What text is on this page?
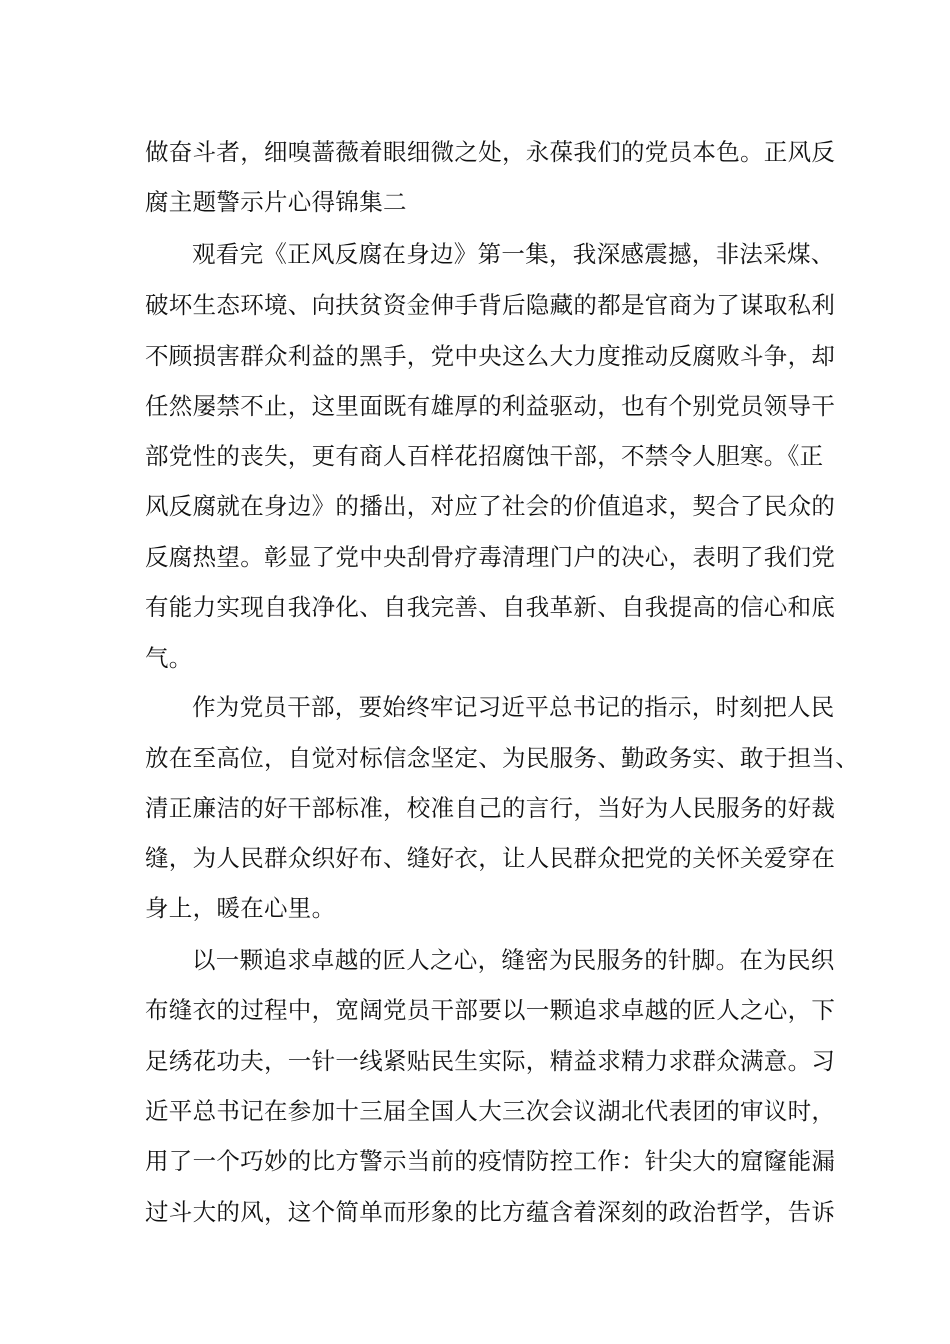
做奋斗者，细嗅蔷薇着眼细微之处，永葆我们的党员本色。正风反
腐主题警示片心得锦集二
观看完《正风反腐在身边》第一集，我深感震撼，非法采煤、
破坏生态环境、向扶贫资金伸手背后隐藏的都是官商为了谋取私利
不顾损害群众利益的黑手，党中央这么大力度推动反腐败斗争，却
任然屡禁不止，这里面既有雄厚的利益驱动，也有个别党员领导干
部党性的丧失，更有商人百样花招腐蚀干部，不禁令人胆寒。《正
风反腐就在身边》的播出，对应了社会的价值追求，契合了民众的
反腐热望。彰显了党中央刮骨疗毒清理门户的决心，表明了我们党
有能力实现自我净化、自我完善、自我革新、自我提高的信心和底
气。
作为党员干部，要始终牢记习近平总书记的指示，时刻把人民
放在至高位，自觉对标信念坚定、为民服务、勤政务实、敢于担当、
清正廉洁的好干部标准，校准自己的言行，当好为人民服务的好裁
缝，为人民群众织好布、缝好衣，让人民群众把党的关怀关爱穿在
身上，暖在心里。
以一颗追求卓越的匠人之心，缝密为民服务的针脚。在为民织
布缝衣的过程中，宽阔党员干部要以一颗追求卓越的匠人之心，下
足绣花功夫，一针一线紧贴民生实际，精益求精力求群众满意。习
近平总书记在参加十三届全国人大三次会议湖北代表团的审议时，
用了一个巧妙的比方警示当前的疫情防控工作：针尖大的窟窿能漏
过斗大的风，这个简单而形象的比方蕴含着深刻的政治哲学，告诉
